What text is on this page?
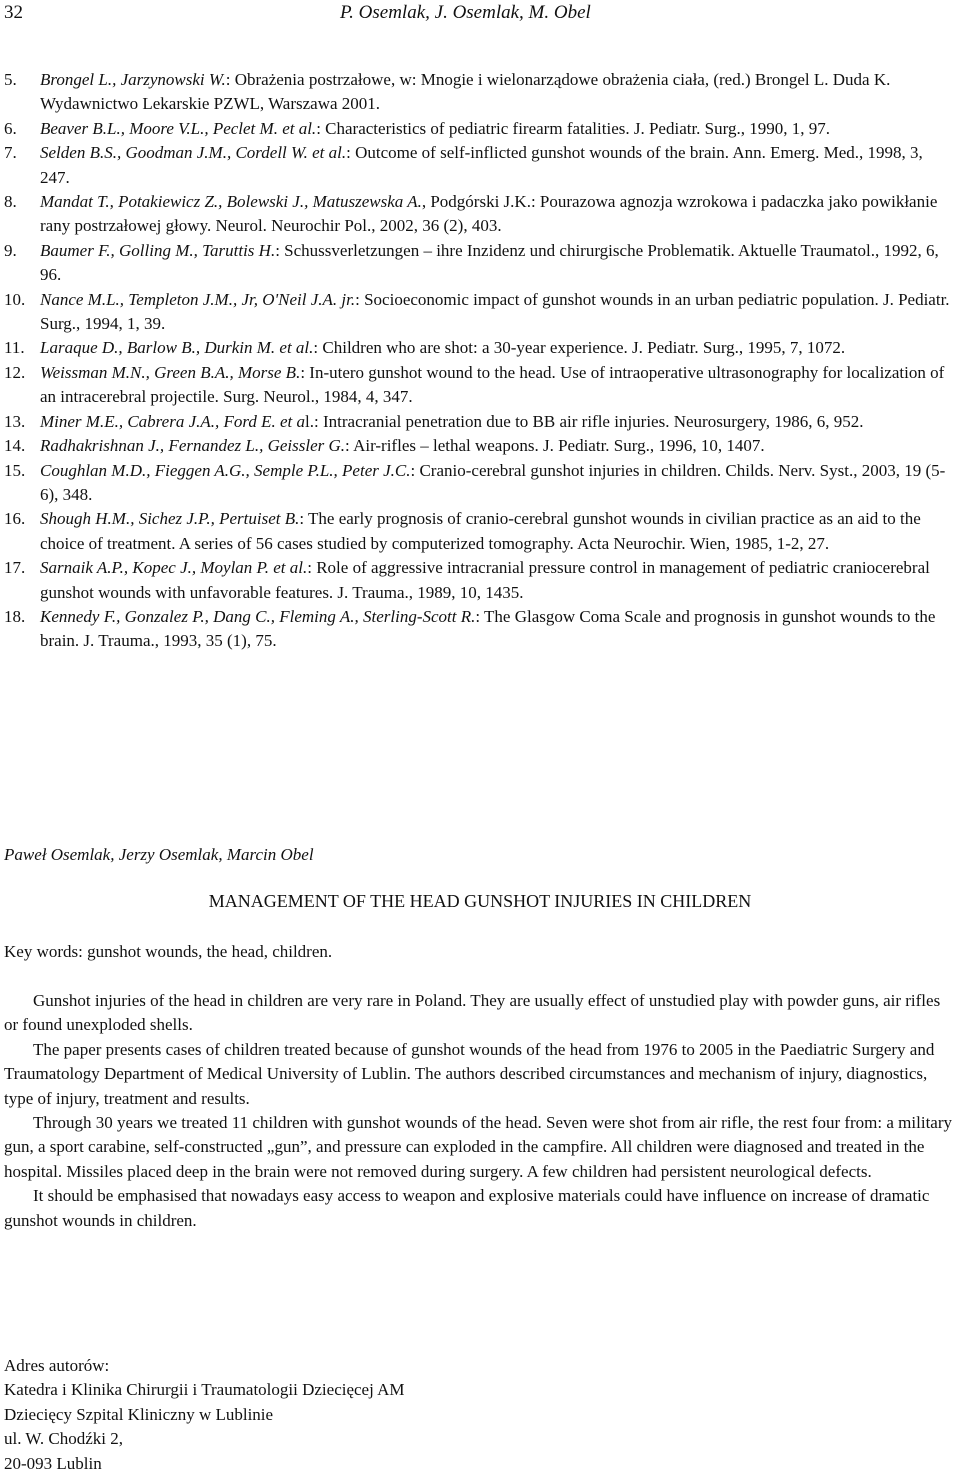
32	P. Osemlak, J. Osemlak, M. Obel
5. Brongel L., Jarzynowski W.: Obrażenia postrzałowe, w: Mnogie i wielonarządowe obrażenia ciała, (red.) Brongel L. Duda K. Wydawnictwo Lekarskie PZWL, Warszawa 2001.
6. Beaver B.L., Moore V.L., Peclet M. et al.: Characteristics of pediatric firearm fatalities. J. Pediatr. Surg., 1990, 1, 97.
7. Selden B.S., Goodman J.M., Cordell W. et al.: Outcome of self-inflicted gunshot wounds of the brain. Ann. Emerg. Med., 1998, 3, 247.
8. Mandat T., Potakiewicz Z., Bolewski J., Matuszewska A., Podgórski J.K.: Pourazowa agnozja wzrokowa i padaczka jako powikłanie rany postrzałowej głowy. Neurol. Neurochir Pol., 2002, 36 (2), 403.
9. Baumer F., Golling M., Taruttis H.: Schussverletzungen – ihre Inzidenz und chirurgische Problematik. Aktuelle Traumatol., 1992, 6, 96.
10. Nance M.L., Templeton J.M., Jr, O'Neil J.A. jr.: Socioeconomic impact of gunshot wounds in an urban pediatric population. J. Pediatr. Surg., 1994, 1, 39.
11. Laraque D., Barlow B., Durkin M. et al.: Children who are shot: a 30-year experience. J. Pediatr. Surg., 1995, 7, 1072.
12. Weissman M.N., Green B.A., Morse B.: In-utero gunshot wound to the head. Use of intraoperative ultrasonography for localization of an intracerebral projectile. Surg. Neurol., 1984, 4, 347.
13. Miner M.E., Cabrera J.A., Ford E. et al.: Intracranial penetration due to BB air rifle injuries. Neurosurgery, 1986, 6, 952.
14. Radhakrishnan J., Fernandez L., Geissler G.: Air-rifles – lethal weapons. J. Pediatr. Surg., 1996, 10, 1407.
15. Coughlan M.D., Fieggen A.G., Semple P.L., Peter J.C.: Cranio-cerebral gunshot injuries in children. Childs. Nerv. Syst., 2003, 19 (5-6), 348.
16. Shough H.M., Sichez J.P., Pertuiset B.: The early prognosis of cranio-cerebral gunshot wounds in civilian practice as an aid to the choice of treatment. A series of 56 cases studied by computerized tomography. Acta Neurochir. Wien, 1985, 1-2, 27.
17. Sarnaik A.P., Kopec J., Moylan P. et al.: Role of aggressive intracranial pressure control in management of pediatric craniocerebral gunshot wounds with unfavorable features. J. Trauma., 1989, 10, 1435.
18. Kennedy F., Gonzalez P., Dang C., Fleming A., Sterling-Scott R.: The Glasgow Coma Scale and prognosis in gunshot wounds to the brain. J. Trauma., 1993, 35 (1), 75.
Paweł Osemlak, Jerzy Osemlak, Marcin Obel
MANAGEMENT OF THE HEAD GUNSHOT INJURIES IN CHILDREN
Key words: gunshot wounds, the head, children.

Gunshot injuries of the head in children are very rare in Poland. They are usually effect of unstudied play with powder guns, air rifles or found unexploded shells.

The paper presents cases of children treated because of gunshot wounds of the head from 1976 to 2005 in the Paediatric Surgery and Traumatology Department of Medical University of Lublin. The authors described circumstances and mechanism of injury, diagnostics, type of injury, treatment and results.

Through 30 years we treated 11 children with gunshot wounds of the head. Seven were shot from air rifle, the rest four from: a military gun, a sport carabine, self-constructed „gun”, and pressure can exploded in the campfire. All children were diagnosed and treated in the hospital. Missiles placed deep in the brain were not removed during surgery. A few children had persistent neurological defects.

It should be emphasised that nowadays easy access to weapon and explosive materials could have influence on increase of dramatic gunshot wounds in children.

Adres autorów:
Katedra i Klinika Chirurgii i Traumatologii Dziecięcej AM
Dziecięcy Szpital Kliniczny w Lublinie
ul. W. Chodźki 2,
20-093 Lublin
